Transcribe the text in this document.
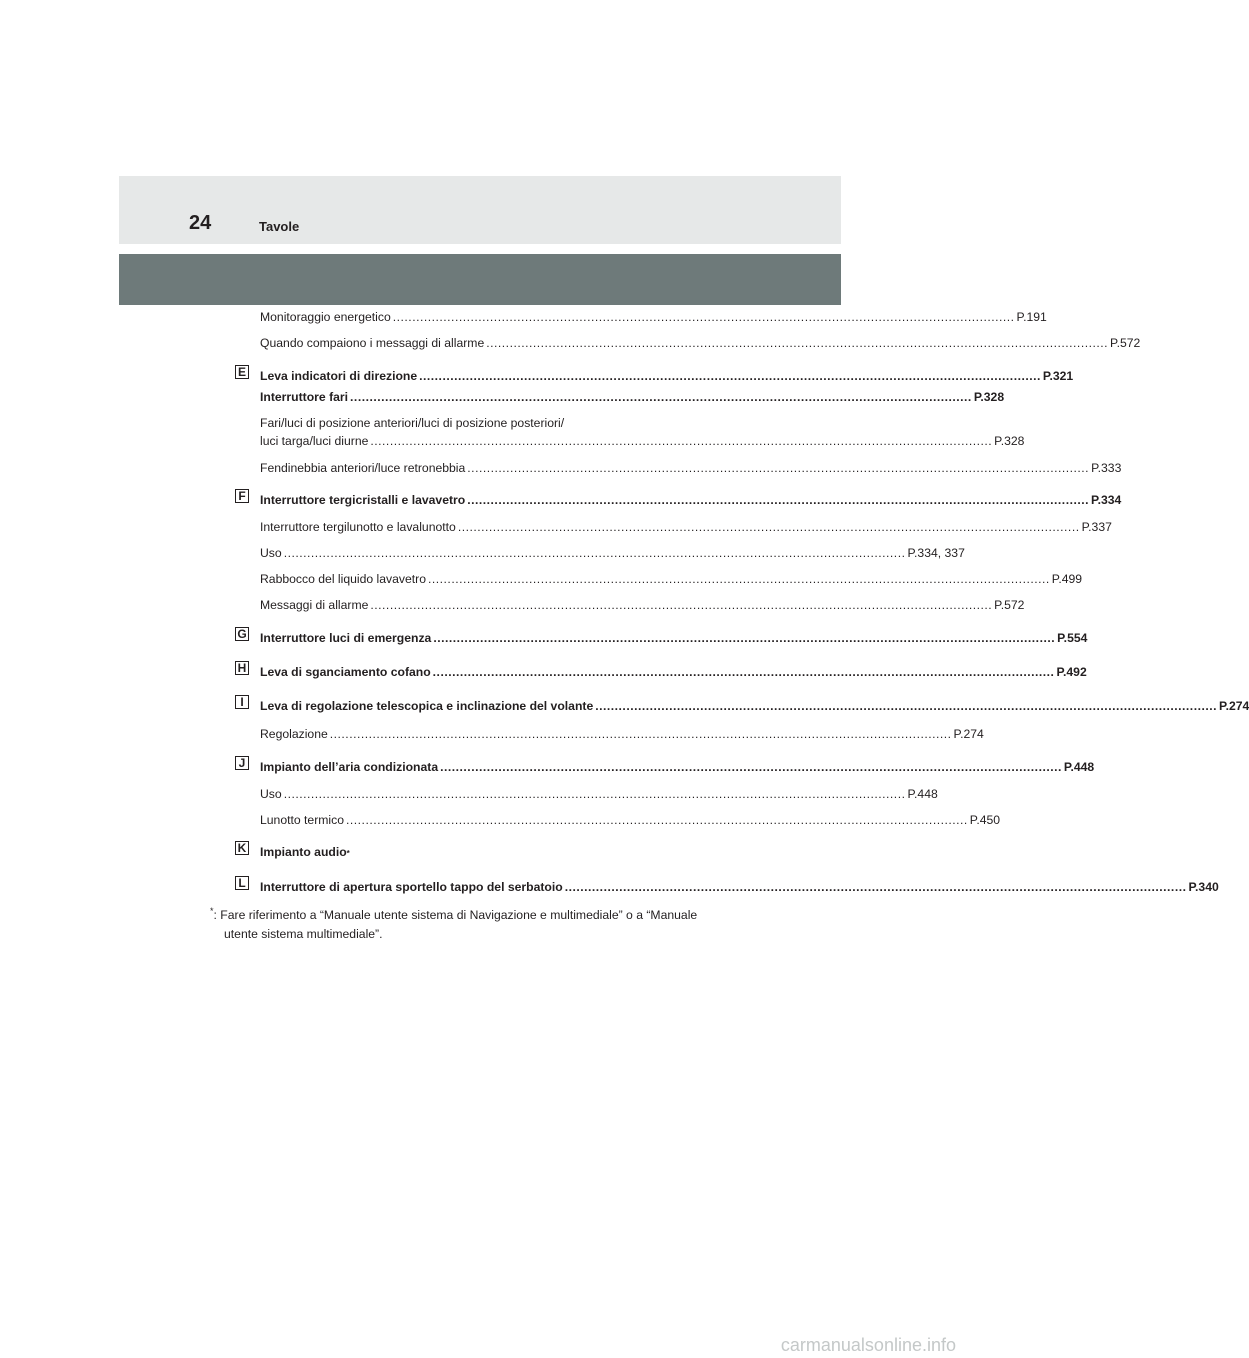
24	Tavole
Monitoraggio energetico ................................................................................................................................................................ P.191
Quando compaiono i messaggi di allarme ................................................................................................................................................................ P.572
Leva indicatori di direzione ................................................................................................................................................................ P.321
E
Interruttore fari ................................................................................................................................................................ P.328
Fari/luci di posizione anteriori/luci di posizione posteriori/
luci targa/luci diurne ................................................................................................................................................................ P.328
Fendinebbia anteriori/luce retronebbia ................................................................................................................................................................ P.333
Interruttore tergicristalli e lavavetro ................................................................................................................................................................ P.334
F
Interruttore tergilunotto e lavalunotto ................................................................................................................................................................ P.337
Uso ................................................................................................................................................................ P.334, 337
Rabbocco del liquido lavavetro ................................................................................................................................................................ P.499
Messaggi di allarme ................................................................................................................................................................ P.572
Interruttore luci di emergenza ................................................................................................................................................................ P.554
G
Leva di sganciamento cofano ................................................................................................................................................................ P.492
H
Leva di regolazione telescopica e inclinazione del volante ................................................................................................................................................................ P.274
I
Regolazione ................................................................................................................................................................ P.274
Impianto dell’aria condizionata ................................................................................................................................................................ P.448
J
Uso ................................................................................................................................................................ P.448
Lunotto termico ................................................................................................................................................................ P.450
Impianto audio *
K
Interruttore di apertura sportello tappo del serbatoio ................................................................................................................................................................ P.340
L
*: Fare riferimento a “Manuale utente sistema di Navigazione e multimediale” o a “Manuale
utente sistema multimediale”.
carmanualsonline.info
